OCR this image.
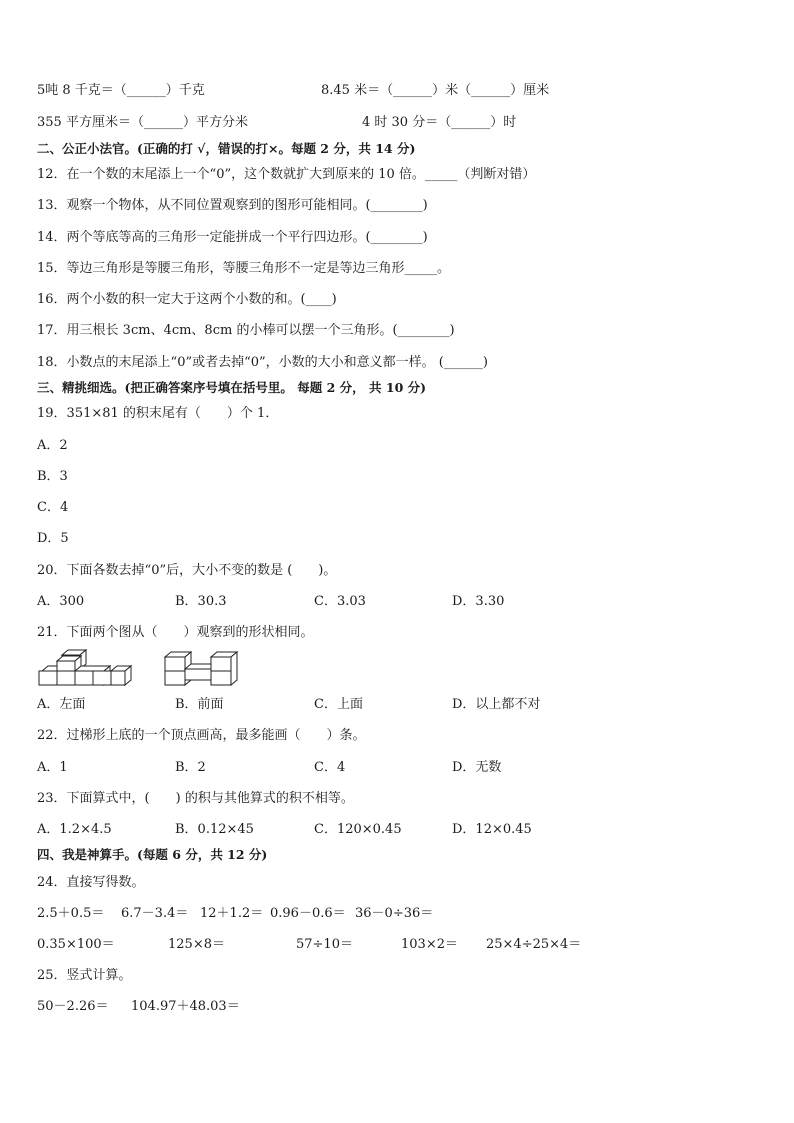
5吨 8 千克＝（______）千克	8.45 米＝（______）米（______）厘米
355 平方厘米＝（______）平方分米	4 时 30 分＝（______）时
二、公正小法官。(正确的打 √，错误的打×。每题 2 分，共 14 分)
12．在一个数的末尾添上一个“0”，这个数就扩大到原来的 10 倍。_____（判断对错）
13．观察一个物体，从不同位置观察到的图形可能相同。(________)
14．两个等底等高的三角形一定能拼成一个平行四边形。(________)
15．等边三角形是等腰三角形，等腰三角形不一定是等边三角形_____。
16．两个小数的积一定大于这两个小数的和。(____)
17．用三根长 3cm、4cm、8cm 的小棒可以摆一个三角形。(________)
18．小数点的末尾添上“0”或者去掉“0”，小数的大小和意义都一样。 (______)
三、精挑细选。(把正确答案序号填在括号里。 每题 2 分， 共 10 分)
19．351×81 的积末尾有（　　）个 1．
A．2
B．3
C．4
D．5
20．下面各数去掉“0”后，大小不变的数是 (　　)。
A．300	B．30.3	C．3.03	D．3.30
21．下面两个图从（　　）观察到的形状相同。
A．左面	B．前面	C．上面	D．以上都不对
22．过梯形上底的一个顶点画高，最多能画（　　）条。
A．1	B．2	C．4	D．无数
23．下面算式中，(　　) 的积与其他算式的积不相等。
A．1.2×4.5	B．0.12×45	C．120×0.45	D．12×0.45
四、我是神算手。(每题 6 分，共 12 分)
24．直接写得数。
2.5＋0.5＝ 6.7－3.4＝ 12＋1.2＝ 0.96－0.6＝ 36－0÷36＝
0.35×100＝	125×8＝	57÷10＝	103×2＝ 25×4÷25×4＝
25．竖式计算。
50－2.26＝ 104.97＋48.03＝
